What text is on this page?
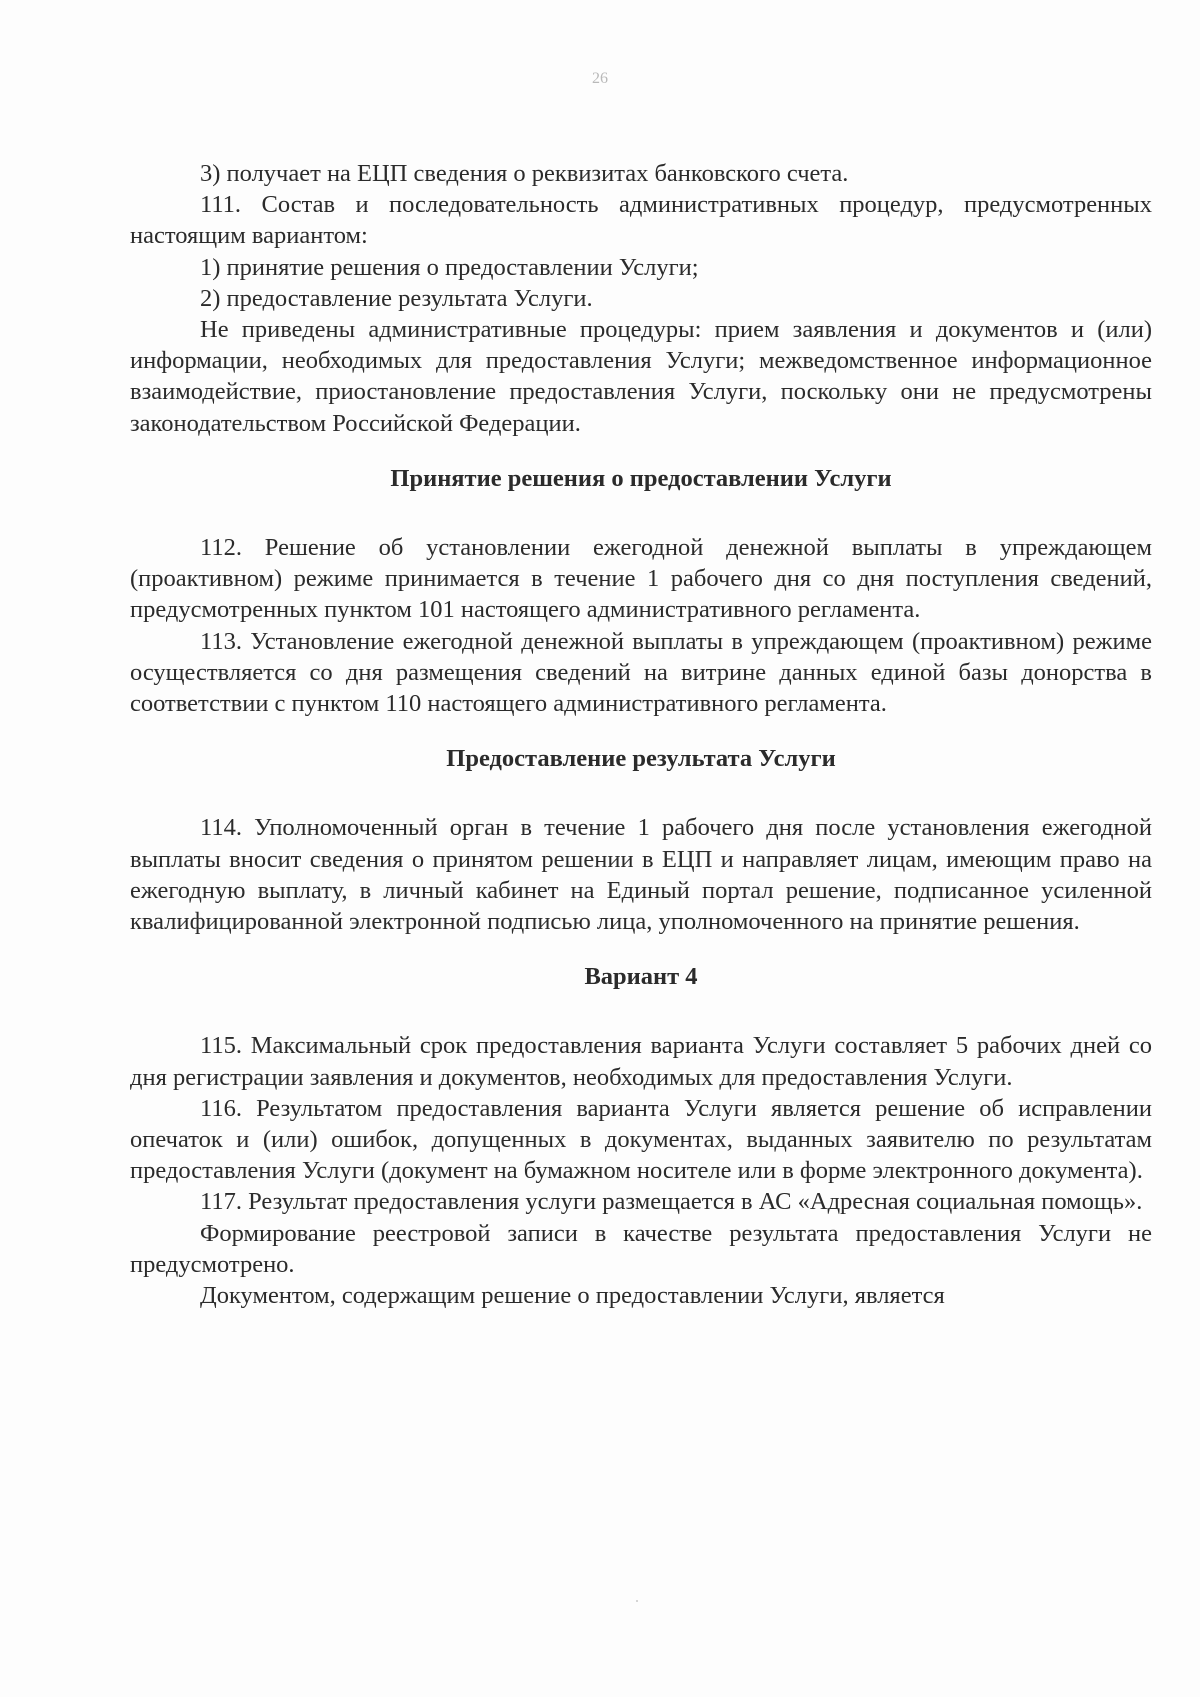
26

3) получает на ЕЦП сведения о реквизитах банковского счета.

111. Состав и последовательность административных процедур, предусмотренных настоящим вариантом:

1) принятие решения о предоставлении Услуги;

2) предоставление результата Услуги.

Не приведены административные процедуры: прием заявления и документов и (или) информации, необходимых для предоставления Услуги; межведомственное информационное взаимодействие, приостановление предоставления Услуги, поскольку они не предусмотрены законодательством Российской Федерации.

Принятие решения о предоставлении Услуги

112. Решение об установлении ежегодной денежной выплаты в упреждающем (проактивном) режиме принимается в течение 1 рабочего дня со дня поступления сведений, предусмотренных пунктом 101 настоящего административного регламента.

113. Установление ежегодной денежной выплаты в упреждающем (проактивном) режиме осуществляется со дня размещения сведений на витрине данных единой базы донорства в соответствии с пунктом 110 настоящего административного регламента.

Предоставление результата Услуги

114. Уполномоченный орган в течение 1 рабочего дня после установления ежегодной выплаты вносит сведения о принятом решении в ЕЦП и направляет лицам, имеющим право на ежегодную выплату, в личный кабинет на Единый портал решение, подписанное усиленной квалифицированной электронной подписью лица, уполномоченного на принятие решения.

Вариант 4

115. Максимальный срок предоставления варианта Услуги составляет 5 рабочих дней со дня регистрации заявления и документов, необходимых для предоставления Услуги.

116. Результатом предоставления варианта Услуги является решение об исправлении опечаток и (или) ошибок, допущенных в документах, выданных заявителю по результатам предоставления Услуги (документ на бумажном носителе или в форме электронного документа).

117. Результат предоставления услуги размещается в АС «Адресная социальная помощь».

Формирование реестровой записи в качестве результата предоставления Услуги не предусмотрено.

Документом, содержащим решение о предоставлении Услуги, является
